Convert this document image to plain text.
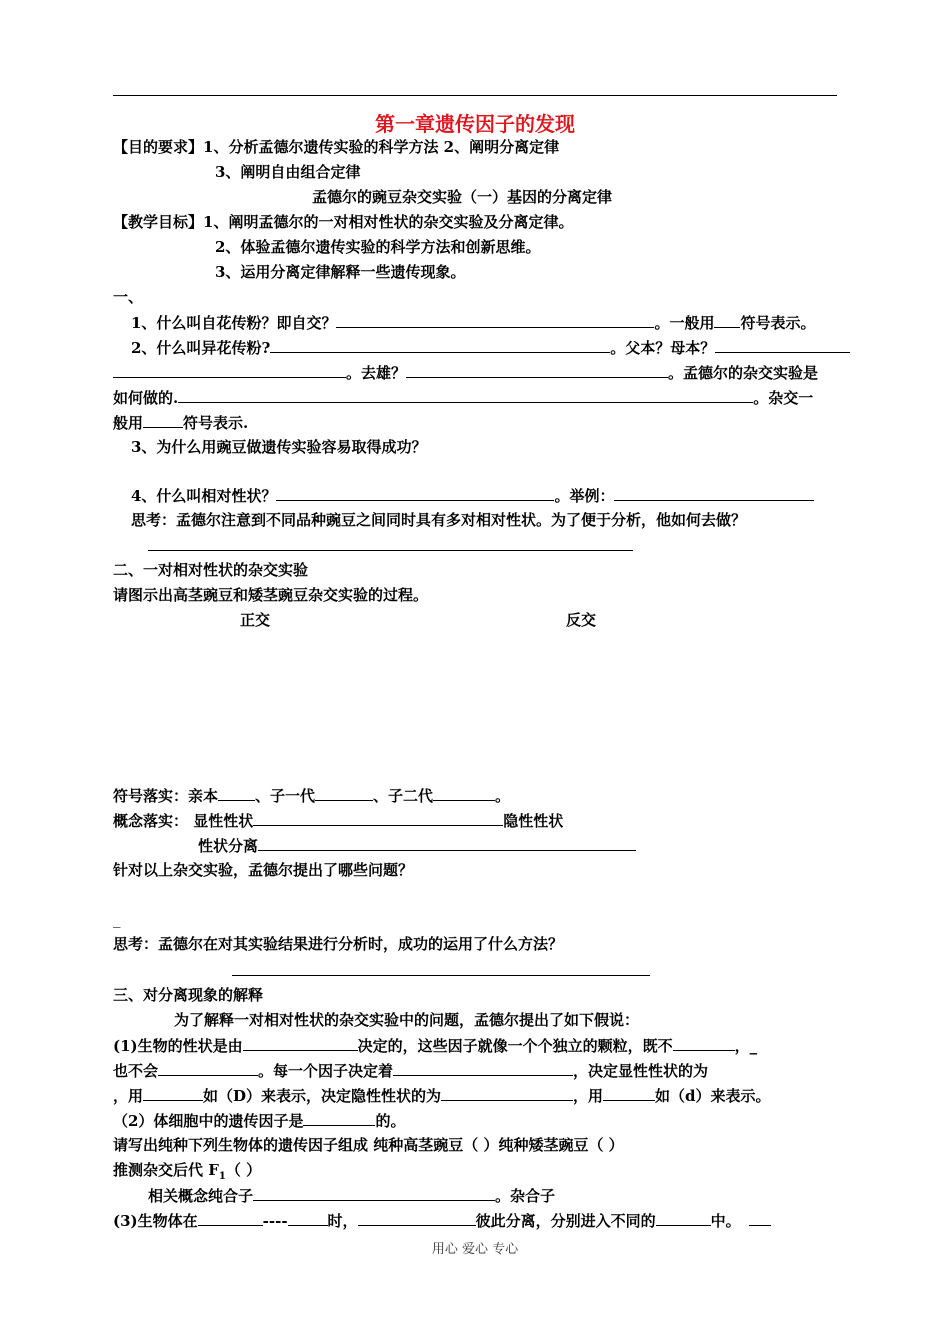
第一章遗传因子的发现
【目的要求】1、分析孟德尔遗传实验的科学方法 2、阐明分离定律
3、阐明自由组合定律
孟德尔的豌豆杂交实验（一）基因的分离定律
【教学目标】1、阐明孟德尔的一对相对性状的杂交实验及分离定律。
2、体验孟德尔遗传实验的科学方法和创新思维。
3、运用分离定律解释一些遗传现象。
一、
1、什么叫自花传粉？即自交？	。一般用 符号表示。
2、什么叫异花传粉?	。父本？母本？
。去雄？	。孟德尔的杂交实验是
如何做的.	。杂交一
般用	符号表示.
3、为什么用豌豆做遗传实验容易取得成功？
4、什么叫相对性状？	。举例：
思考：孟德尔注意到不同品种豌豆之间同时具有多对相对性状。为了便于分析，他如何去做？
二、一对相对性状的杂交实验
请图示出高茎豌豆和矮茎豌豆杂交实验的过程。
正交	反交
符号落实：亲本 、子一代	、子二代	。
概念落实： 显性性状	隐性性状
性状分离
针对以上杂交实验，孟德尔提出了哪些问题？
_
思考：孟德尔在对其实验结果进行分析时，成功的运用了什么方法？
三、对分离现象的解释
为了解释一对相对性状的杂交实验中的问题，孟德尔提出了如下假说：
(1)生物的性状是由	决定的，这些因子就像一个个独立的颗粒，既不	，_
也不会	。每一个因子决定着	，决定显性性状的为
，用	如（D）来表示，决定隐性性状的为	，用	如（d）来表示。
（2）体细胞中的遗传因子是	的。
请写出纯种下列生物体的遗传因子组成 纯种高茎豌豆（ ）纯种矮茎豌豆（ ）
推测杂交后代 $F_1$（ ）
相关概念纯合子	。杂合子
(3)生物体在	----	时，	彼此分离，分别进入不同的	中。
用心 爱心 专心
